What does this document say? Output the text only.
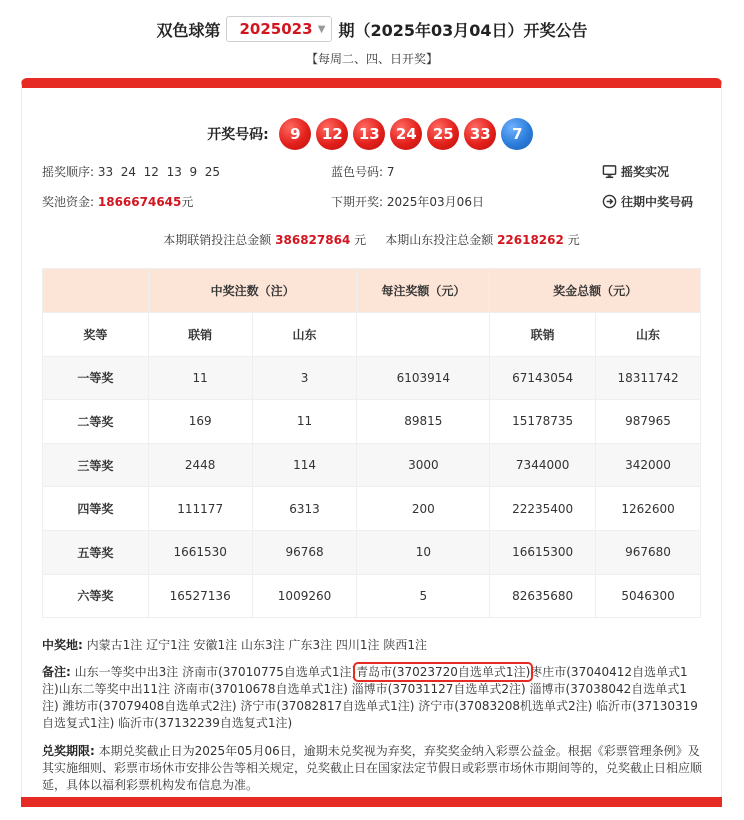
双色球第 2025023 ▼ 期（2025年03月04日）开奖公告
【每周二、四、日开奖】
开奖号码:	9	12	13	24	25	33	7
摇奖顺序: 33  24  12  13  9  25	蓝色号码: 7	摇奖实况
奖池资金: 1866674645元	下期开奖: 2025年03月06日	往期中奖号码
本期联销投注总金额 386827864 元 本期山东投注总金额 22618262 元
	中奖注数（注）		每注奖额（元）	奖金总额（元）	
奖等	联销	山东		联销	山东
一等奖	11	3	6103914	67143054	18311742
二等奖	169	11	89815	15178735	987965
三等奖	2448	114	3000	7344000	342000
四等奖	111177	6313	200	22235400	1262600
五等奖	1661530	96768	10	16615300	967680
六等奖	16527136	1009260	5	82635680	5046300
中奖地: 内蒙古1注 辽宁1注 安徽1注 山东3注 广东3注 四川1注 陕西1注
备注: 山东一等奖中出3注 济南市(37010775自选单式1注)青岛市(37023720自选单式1注)枣庄市(37040412自选单式1注)山东二等奖中出11注 济南市(37010678自选单式1注) 淄博市(37031127自选单式2注) 淄博市(37038042自选单式1注) 潍坊市(37079408自选单式2注) 济宁市(37082817自选单式1注) 济宁市(37083208机选单式2注) 临沂市(37130319自选复式1注) 临沂市(37132239自选复式1注)
兑奖期限: 本期兑奖截止日为2025年05月06日，逾期未兑奖视为弃奖，弃奖奖金纳入彩票公益金。根据《彩票管理条例》及其实施细则、彩票市场休市安排公告等相关规定，兑奖截止日在国家法定节假日或彩票市场休市期间等的，兑奖截止日相应顺延，具体以福利彩票机构发布信息为准。
